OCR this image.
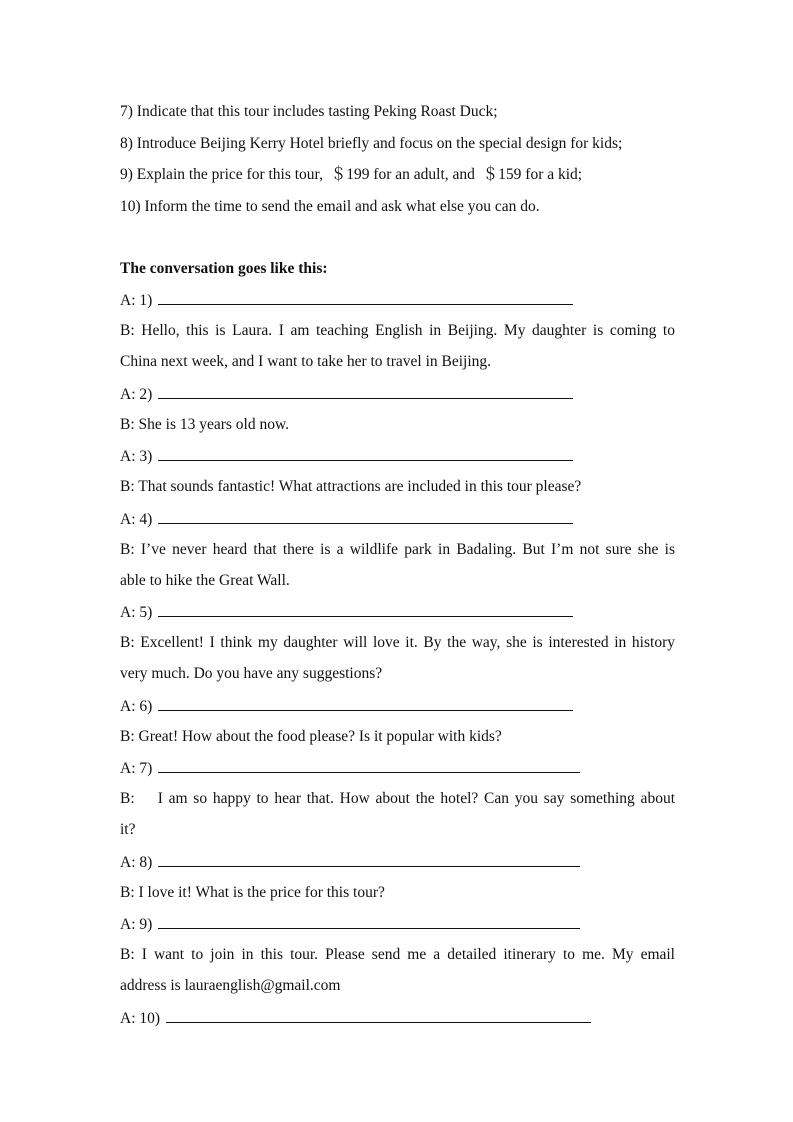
7) Indicate that this tour includes tasting Peking Roast Duck;
8) Introduce Beijing Kerry Hotel briefly and focus on the special design for kids;
9) Explain the price for this tour,  ＄199 for an adult, and  ＄159 for a kid;
10) Inform the time to send the email and ask what else you can do.
The conversation goes like this:
A: 1)
B: Hello, this is Laura. I am teaching English in Beijing. My daughter is coming to
China next week, and I want to take her to travel in Beijing.
A: 2)
B: She is 13 years old now.
A: 3)
B: That sounds fantastic! What attractions are included in this tour please?
A: 4)
B: I’ve never heard that there is a wildlife park in Badaling. But I’m not sure she is
able to hike the Great Wall.
A: 5)
B: Excellent! I think my daughter will love it. By the way, she is interested in history
very much. Do you have any suggestions?
A: 6)
B: Great! How about the food please? Is it popular with kids?
A: 7)
B:    I am so happy to hear that. How about the hotel? Can you say something about
it?
A: 8)
B: I love it! What is the price for this tour?
A: 9)
B: I want to join in this tour. Please send me a detailed itinerary to me. My email
address is lauraenglish@gmail.com
A: 10)
